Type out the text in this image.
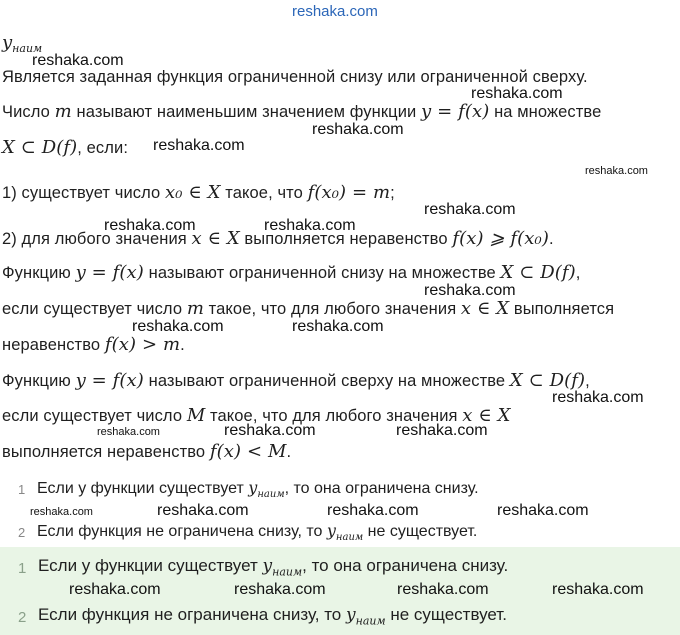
reshaka.com
$y_{наим}$
Является заданная функция ограниченной снизу или ограниченной сверху.
Число m называют наименьшим значением функции y = f(x) на множестве
X ⊂ D(f), если:
1) существует число x₀ ∈ X такое, что f(x₀) = m;
2) для любого значения x ∈ X выполняется неравенство f(x) ⩾ f(x₀).
Функцию y = f(x) называют ограниченной снизу на множестве X ⊂ D(f),
если существует число m такое, что для любого значения x ∈ X выполняется
неравенство f(x) > m.
Функцию y = f(x) называют ограниченной сверху на множестве X ⊂ D(f),
если существует число M такое, что для любого значения x ∈ X
выполняется неравенство f(x) < M.
1 Если у функции существует $y_{наим}$, то она ограничена снизу.
2 Если функция не ограничена снизу, то $y_{наим}$ не существует.
1 Если у функции существует $y_{наим}$, то она ограничена снизу.
2 Если функция не ограничена снизу, то $y_{наим}$ не существует.
reshaka.com
reshaka.com
reshaka.com
reshaka.com
reshaka.com
reshaka.com
reshaka.com	reshaka.com
reshaka.com
reshaka.com	reshaka.com
reshaka.com
reshaka.com	reshaka.com	reshaka.com
reshaka.com	reshaka.com	reshaka.com	reshaka.com
reshaka.com	reshaka.com	reshaka.com	reshaka.com
